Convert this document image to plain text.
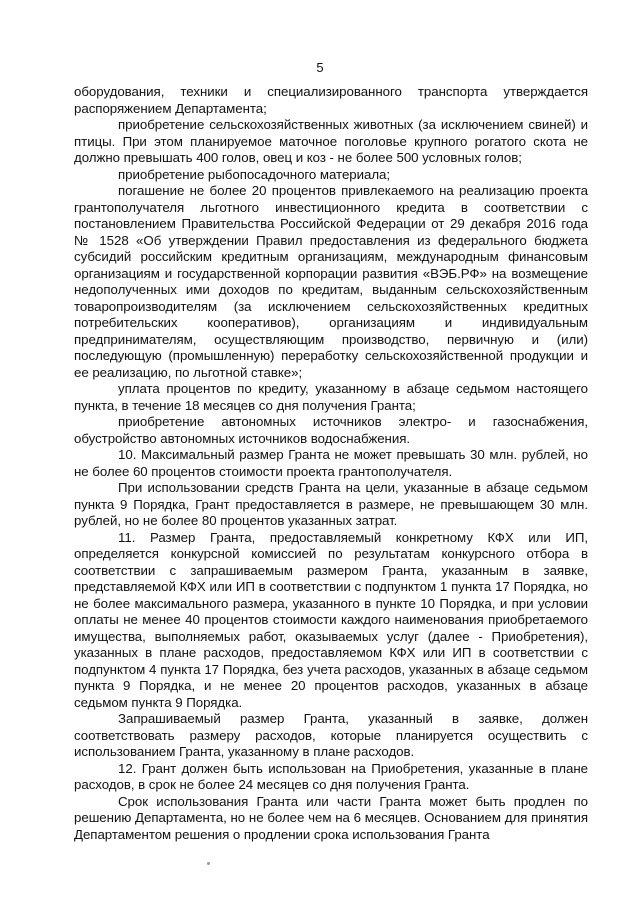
5

оборудования, техники и специализированного транспорта утверждается распоряжением Департамента;

приобретение сельскохозяйственных животных (за исключением свиней) и птицы. При этом планируемое маточное поголовье крупного рогатого скота не должно превышать 400 голов, овец и коз - не более 500 условных голов;

приобретение рыбопосадочного материала;

погашение не более 20 процентов привлекаемого на реализацию проекта грантополучателя льготного инвестиционного кредита в соответствии с постановлением Правительства Российской Федерации от 29 декабря 2016 года № 1528 «Об утверждении Правил предоставления из федерального бюджета субсидий российским кредитным организациям, международным финансовым организациям и государственной корпорации развития «ВЭБ.РФ» на возмещение недополученных ими доходов по кредитам, выданным сельскохозяйственным товаропроизводителям (за исключением сельскохозяйственных кредитных потребительских кооперативов), организациям и индивидуальным предпринимателям, осуществляющим производство, первичную и (или) последующую (промышленную) переработку сельскохозяйственной продукции и ее реализацию, по льготной ставке»;

уплата процентов по кредиту, указанному в абзаце седьмом настоящего пункта, в течение 18 месяцев со дня получения Гранта;

приобретение автономных источников электро- и газоснабжения, обустройство автономных источников водоснабжения.

10. Максимальный размер Гранта не может превышать 30 млн. рублей, но не более 60 процентов стоимости проекта грантополучателя.

При использовании средств Гранта на цели, указанные в абзаце седьмом пункта 9 Порядка, Грант предоставляется в размере, не превышающем 30 млн. рублей, но не более 80 процентов указанных затрат.

11. Размер Гранта, предоставляемый конкретному КФХ или ИП, определяется конкурсной комиссией по результатам конкурсного отбора в соответствии с запрашиваемым размером Гранта, указанным в заявке, представляемой КФХ или ИП в соответствии с подпунктом 1 пункта 17 Порядка, но не более максимального размера, указанного в пункте 10 Порядка, и при условии оплаты не менее 40 процентов стоимости каждого наименования приобретаемого имущества, выполняемых работ, оказываемых услуг (далее - Приобретения), указанных в плане расходов, предоставляемом КФХ или ИП в соответствии с подпунктом 4 пункта 17 Порядка, без учета расходов, указанных в абзаце седьмом пункта 9 Порядка, и не менее 20 процентов расходов, указанных в абзаце седьмом пункта 9 Порядка.

Запрашиваемый размер Гранта, указанный в заявке, должен соответствовать размеру расходов, которые планируется осуществить с использованием Гранта, указанному в плане расходов.

12. Грант должен быть использован на Приобретения, указанные в плане расходов, в срок не более 24 месяцев со дня получения Гранта.

Срок использования Гранта или части Гранта может быть продлен по решению Департамента, но не более чем на 6 месяцев. Основанием для принятия Департаментом решения о продлении срока использования Гранта
